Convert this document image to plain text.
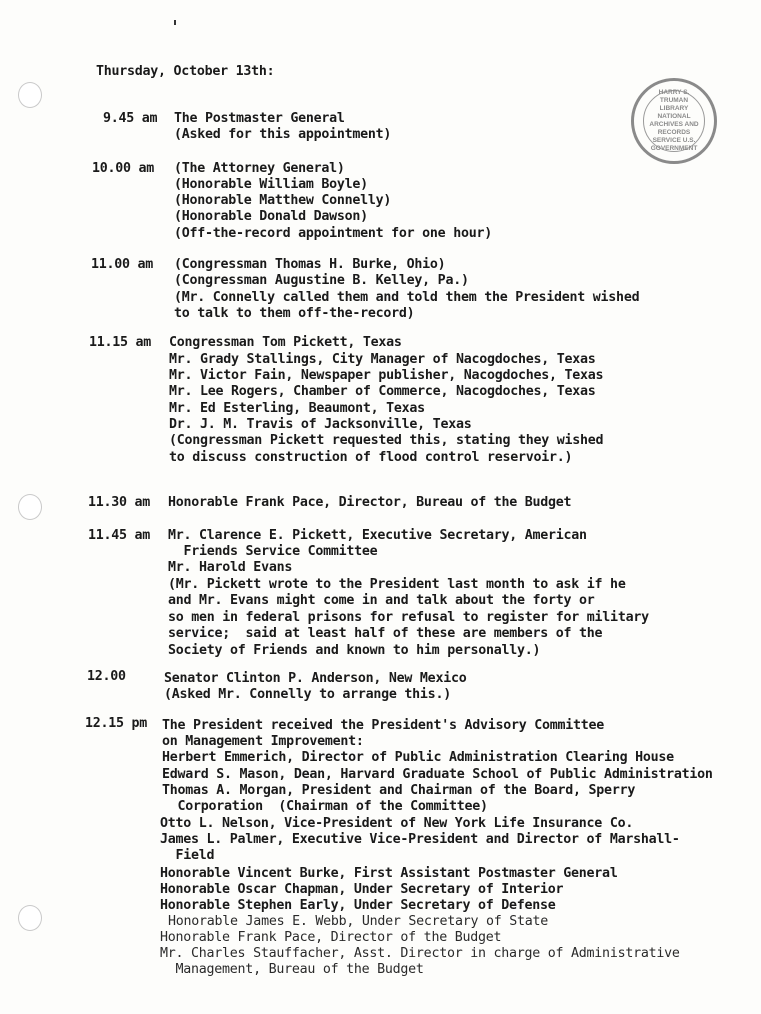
HARRY S. TRUMAN LIBRARY NATIONAL ARCHIVES AND RECORDS SERVICE U.S. GOVERNMENT
Thursday, October 13th:
9.45 am The Postmaster General
(Asked for this appointment)
10.00 am (The Attorney General)
(Honorable William Boyle)
(Honorable Matthew Connelly)
(Honorable Donald Dawson)
(Off-the-record appointment for one hour)
11.00 am (Congressman Thomas H. Burke, Ohio)
(Congressman Augustine B. Kelley, Pa.)
(Mr. Connelly called them and told them the President wished
to talk to them off-the-record)
11.15 am Congressman Tom Pickett, Texas
Mr. Grady Stallings, City Manager of Nacogdoches, Texas
Mr. Victor Fain, Newspaper publisher, Nacogdoches, Texas
Mr. Lee Rogers, Chamber of Commerce, Nacogdoches, Texas
Mr. Ed Esterling, Beaumont, Texas
Dr. J. M. Travis of Jacksonville, Texas
(Congressman Pickett requested this, stating they wished
to discuss construction of flood control reservoir.)
11.30 am Honorable Frank Pace, Director, Bureau of the Budget
11.45 am Mr. Clarence E. Pickett, Executive Secretary, American
Friends Service Committee
Mr. Harold Evans
(Mr. Pickett wrote to the President last month to ask if he
and Mr. Evans might come in and talk about the forty or
so men in federal prisons for refusal to register for military
service;  said at least half of these are members of the
Society of Friends and known to him personally.)
12.00	Senator Clinton P. Anderson, New Mexico
(Asked Mr. Connelly to arrange this.)
12.15 pm The President received the President's Advisory Committee
on Management Improvement:
Herbert Emmerich, Director of Public Administration Clearing House
Edward S. Mason, Dean, Harvard Graduate School of Public Administration
Thomas A. Morgan, President and Chairman of the Board, Sperry
Corporation  (Chairman of the Committee)
Otto L. Nelson, Vice-President of New York Life Insurance Co.
James L. Palmer, Executive Vice-President and Director of Marshall-
Field
Honorable Vincent Burke, First Assistant Postmaster General
Honorable Oscar Chapman, Under Secretary of Interior
Honorable Stephen Early, Under Secretary of Defense
Honorable James E. Webb, Under Secretary of State
Honorable Frank Pace, Director of the Budget
Mr. Charles Stauffacher, Asst. Director in charge of Administrative
Management, Bureau of the Budget
